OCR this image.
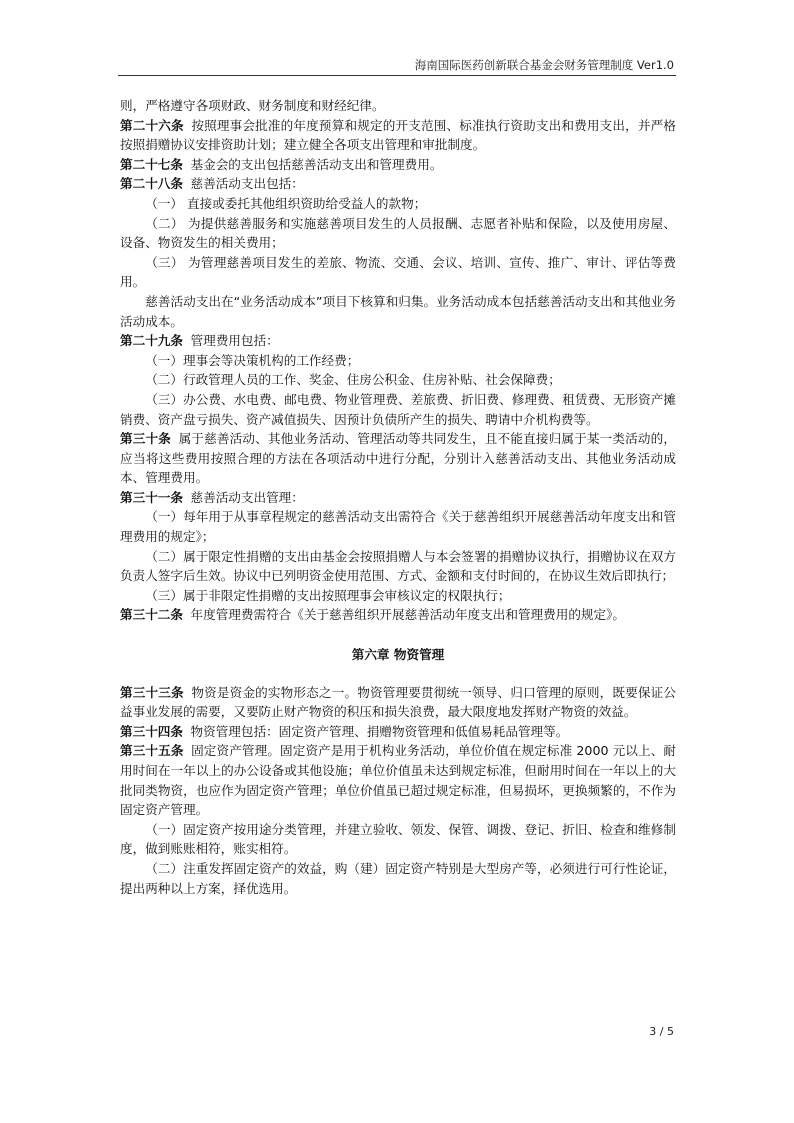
海南国际医药创新联合基金会财务管理制度 Ver1.0

则，严格遵守各项财政、财务制度和财经纪律。

第二十六条 按照理事会批准的年度预算和规定的开支范围、标准执行资助支出和费用支出，并严格按照捐赠协议安排资助计划；建立健全各项支出管理和审批制度。

第二十七条 基金会的支出包括慈善活动支出和管理费用。

第二十八条 慈善活动支出包括：

（一） 直接或委托其他组织资助给受益人的款物；

（二） 为提供慈善服务和实施慈善项目发生的人员报酬、志愿者补贴和保险，以及使用房屋、设备、物资发生的相关费用；

（三） 为管理慈善项目发生的差旅、物流、交通、会议、培训、宣传、推广、审计、评估等费用。

慈善活动支出在“业务活动成本”项目下核算和归集。业务活动成本包括慈善活动支出和其他业务活动成本。

第二十九条 管理费用包括：

（一）理事会等决策机构的工作经费；

（二）行政管理人员的工作、奖金、住房公积金、住房补贴、社会保障费；

（三）办公费、水电费、邮电费、物业管理费、差旅费、折旧费、修理费、租赁费、无形资产摊销费、资产盘亏损失、资产减值损失、因预计负债所产生的损失、聘请中介机构费等。

第三十条 属于慈善活动、其他业务活动、管理活动等共同发生，且不能直接归属于某一类活动的，应当将这些费用按照合理的方法在各项活动中进行分配，分别计入慈善活动支出、其他业务活动成本、管理费用。

第三十一条 慈善活动支出管理：

（一）每年用于从事章程规定的慈善活动支出需符合《关于慈善组织开展慈善活动年度支出和管理费用的规定》；

（二）属于限定性捐赠的支出由基金会按照捐赠人与本会签署的捐赠协议执行，捐赠协议在双方负责人签字后生效。协议中已列明资金使用范围、方式、金额和支付时间的，在协议生效后即执行；

（三）属于非限定性捐赠的支出按照理事会审核议定的权限执行；

第三十二条 年度管理费需符合《关于慈善组织开展慈善活动年度支出和管理费用的规定》。

第六章 物资管理

第三十三条 物资是资金的实物形态之一。物资管理要贯彻统一领导、归口管理的原则，既要保证公益事业发展的需要，又要防止财产物资的积压和损失浪费，最大限度地发挥财产物资的效益。

第三十四条 物资管理包括：固定资产管理、捐赠物资管理和低值易耗品管理等。

第三十五条 固定资产管理。固定资产是用于机构业务活动，单位价值在规定标准 2000 元以上、耐用时间在一年以上的办公设备或其他设施；单位价值虽未达到规定标准，但耐用时间在一年以上的大批同类物资，也应作为固定资产管理；单位价值虽已超过规定标准，但易损坏，更换频繁的，不作为固定资产管理。

（一）固定资产按用途分类管理，并建立验收、领发、保管、调拨、登记、折旧、检查和维修制度，做到账账相符，账实相符。

（二）注重发挥固定资产的效益，购（建）固定资产特别是大型房产等，必须进行可行性论证，提出两种以上方案，择优选用。

3 / 5
